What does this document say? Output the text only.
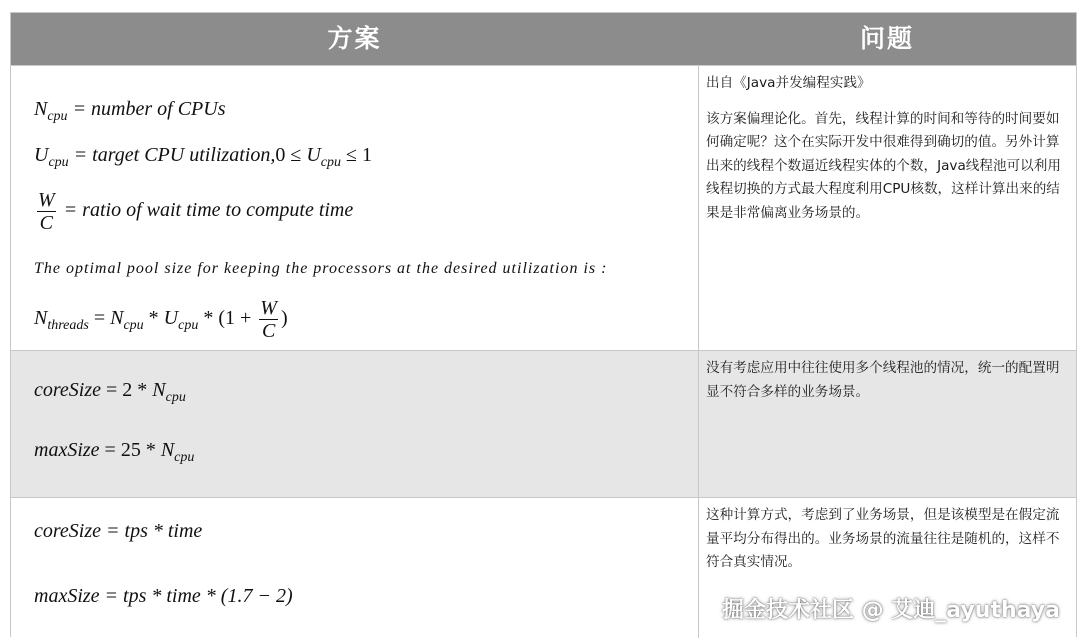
方案	问题
$N_{cpu}$ = number of CPUs
$U_{cpu}$ = target CPU utilization,0 ≤ $U_{cpu} \le 1$
$\frac{W}{C}$ = ratio of wait time to compute time
The optimal pool size for keeping the processors at the desired utilization is :
$N_{threads} = N_{cpu} * U_{cpu} * (1 + \frac{W}{C}$ )

出自《Java并发编程实践》

该方案偏理论化。首先，线程计算的时间和等待的时间要如何确定呢？这个在实际开发中很难得到确切的值。另外计算出来的线程个数逼近线程实体的个数，Java线程池可以利用线程切换的方式最大程度利用CPU核数，这样计算出来的结果是非常偏离业务场景的。

coreSize = $2 * N_{cpu}$
maxSize = $25 * N_{cpu}$

没有考虑应用中往往使用多个线程池的情况，统一的配置明显不符合多样的业务场景。

coreSize = tps * time
maxSize = tps * time * (1.7 − 2)

这种计算方式，考虑到了业务场景，但是该模型是在假定流量平均分布得出的。业务场景的流量往往是随机的，这样不符合真实情况。

掘金技术社区 @ 艾迪_ayuthaya
